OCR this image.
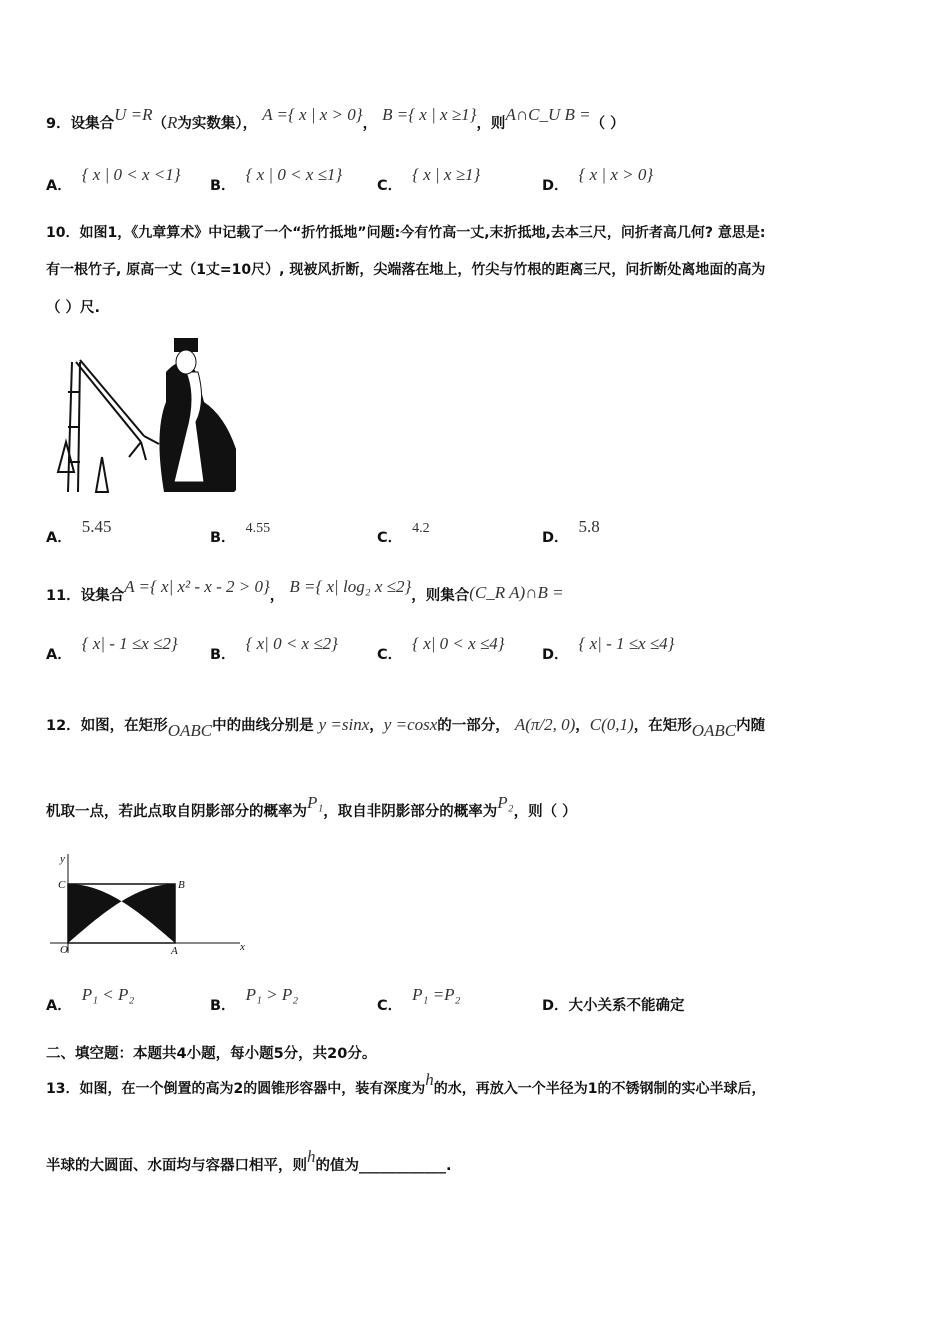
9．设集合U =R（R为实数集）， A ={ x | x > 0}， B ={ x | x ≥1}，则A∩C_U B =（ ）
A．{ x | 0 < x <1}
B．{ x | 0 < x ≤1}
C．{ x | x ≥1}
D．{ x | x > 0}
10．如图1，《九章算术》中记载了一个“折竹抵地”问题:今有竹高一丈,末折抵地,去本三尺，问折者高几何? 意思是:
有一根竹子, 原高一丈（1丈=10尺）, 现被风折断，尖端落在地上，竹尖与竹根的距离三尺，问折断处离地面的高为
（ ）尺.
A．5.45
B．4.55
C．4.2
D．5.8
11．设集合A ={ x| x² - x - 2 > 0}， B ={ x| log₂ x ≤2}，则集合(C_R A)∩B =
A．{ x| - 1 ≤x ≤2}
B．{ x| 0 < x ≤2}
C．{ x| 0 < x ≤4}
D．{ x| - 1 ≤x ≤4}
12．如图，在矩形OABC中的曲线分别是 y =sinx，y =cosx的一部分， A(π/2, 0)，C(0,1)，在矩形OABC内随
机取一点，若此点取自阴影部分的概率为P₁，取自非阴影部分的概率为P₂，则（ ）
y
x
C	B
O	A
A．P₁ < P₂
B．P₁ > P₂
C．P₁ =P₂
D．大小关系不能确定
二、填空题：本题共4小题，每小题5分，共20分。
13．如图，在一个倒置的高为2的圆锥形容器中，装有深度为h的水，再放入一个半径为1的不锈钢制的实心半球后，
半球的大圆面、水面均与容器口相平，则h的值为____________.
